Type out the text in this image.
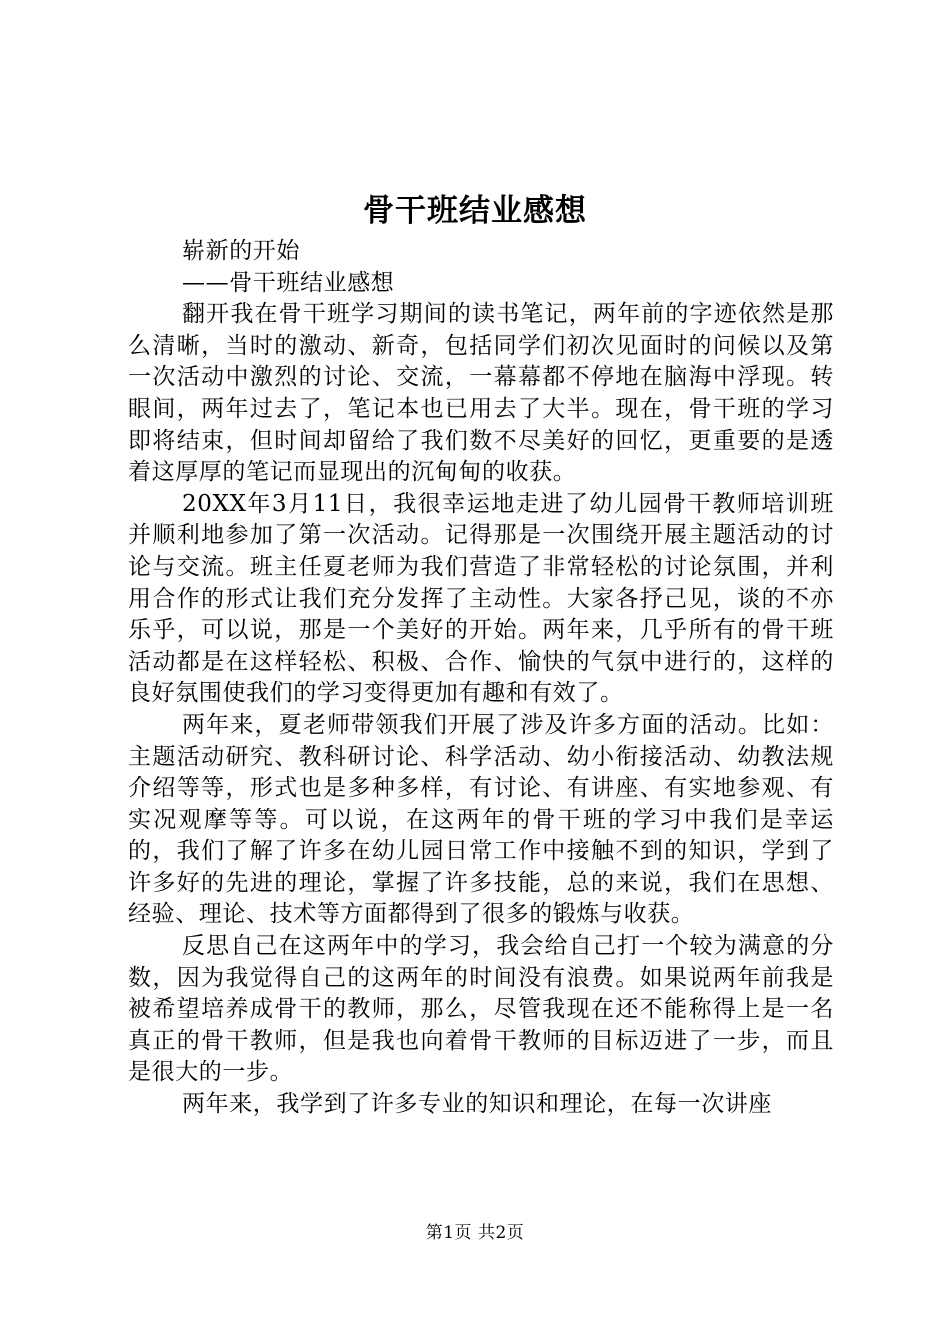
骨干班结业感想

崭新的开始

——骨干班结业感想

翻开我在骨干班学习期间的读书笔记，两年前的字迹依然是那么清晰，当时的激动、新奇，包括同学们初次见面时的问候以及第一次活动中激烈的讨论、交流，一幕幕都不停地在脑海中浮现。转眼间，两年过去了，笔记本也已用去了大半。现在，骨干班的学习即将结束，但时间却留给了我们数不尽美好的回忆，更重要的是透着这厚厚的笔记而显现出的沉甸甸的收获。

20XX年3月11日，我很幸运地走进了幼儿园骨干教师培训班并顺利地参加了第一次活动。记得那是一次围绕开展主题活动的讨论与交流。班主任夏老师为我们营造了非常轻松的讨论氛围，并利用合作的形式让我们充分发挥了主动性。大家各抒己见，谈的不亦乐乎，可以说，那是一个美好的开始。两年来，几乎所有的骨干班活动都是在这样轻松、积极、合作、愉快的气氛中进行的，这样的良好氛围使我们的学习变得更加有趣和有效了。

两年来，夏老师带领我们开展了涉及许多方面的活动。比如：主题活动研究、教科研讨论、科学活动、幼小衔接活动、幼教法规介绍等等，形式也是多种多样，有讨论、有讲座、有实地参观、有实况观摩等等。可以说，在这两年的骨干班的学习中我们是幸运的，我们了解了许多在幼儿园日常工作中接触不到的知识，学到了许多好的先进的理论，掌握了许多技能，总的来说，我们在思想、经验、理论、技术等方面都得到了很多的锻炼与收获。

反思自己在这两年中的学习，我会给自己打一个较为满意的分数，因为我觉得自己的这两年的时间没有浪费。如果说两年前我是被希望培养成骨干的教师，那么，尽管我现在还不能称得上是一名真正的骨干教师，但是我也向着骨干教师的目标迈进了一步，而且是很大的一步。

两年来，我学到了许多专业的知识和理论，在每一次讲座

第1页 共2页
